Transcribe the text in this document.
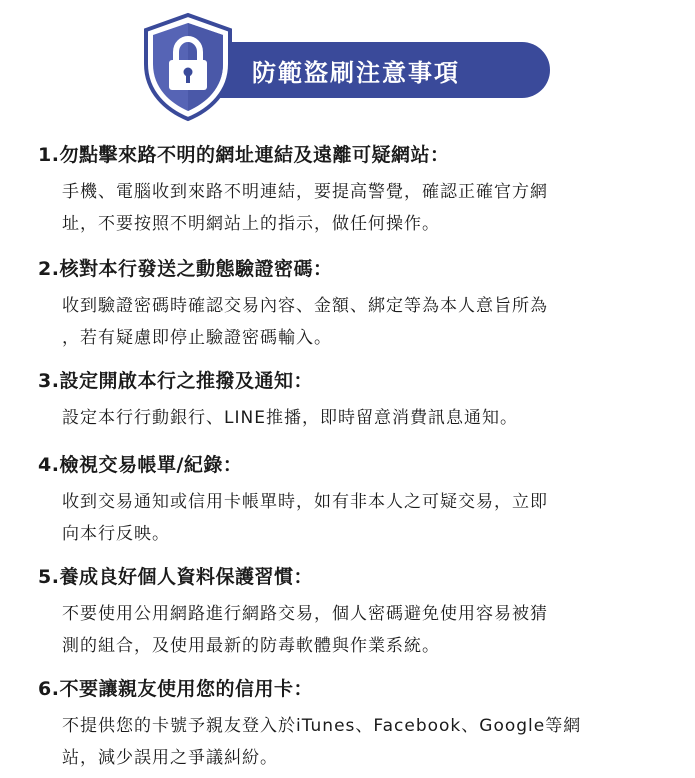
防範盜刷注意事項
1.勿點擊來路不明的網址連結及遠離可疑網站：
手機、電腦收到來路不明連結，要提高警覺，確認正確官方網
址，不要按照不明網站上的指示，做任何操作。
2.核對本行發送之動態驗證密碼：
收到驗證密碼時確認交易內容、金額、綁定等為本人意旨所為
，若有疑慮即停止驗證密碼輸入。
3.設定開啟本行之推撥及通知：
設定本行行動銀行、LINE推播，即時留意消費訊息通知。
4.檢視交易帳單/紀錄：
收到交易通知或信用卡帳單時，如有非本人之可疑交易，立即
向本行反映。
5.養成良好個人資料保護習慣：
不要使用公用網路進行網路交易，個人密碼避免使用容易被猜
測的組合，及使用最新的防毒軟體與作業系統。
6.不要讓親友使用您的信用卡：
不提供您的卡號予親友登入於iTunes、Facebook、Google等網
站，減少誤用之爭議糾紛。
